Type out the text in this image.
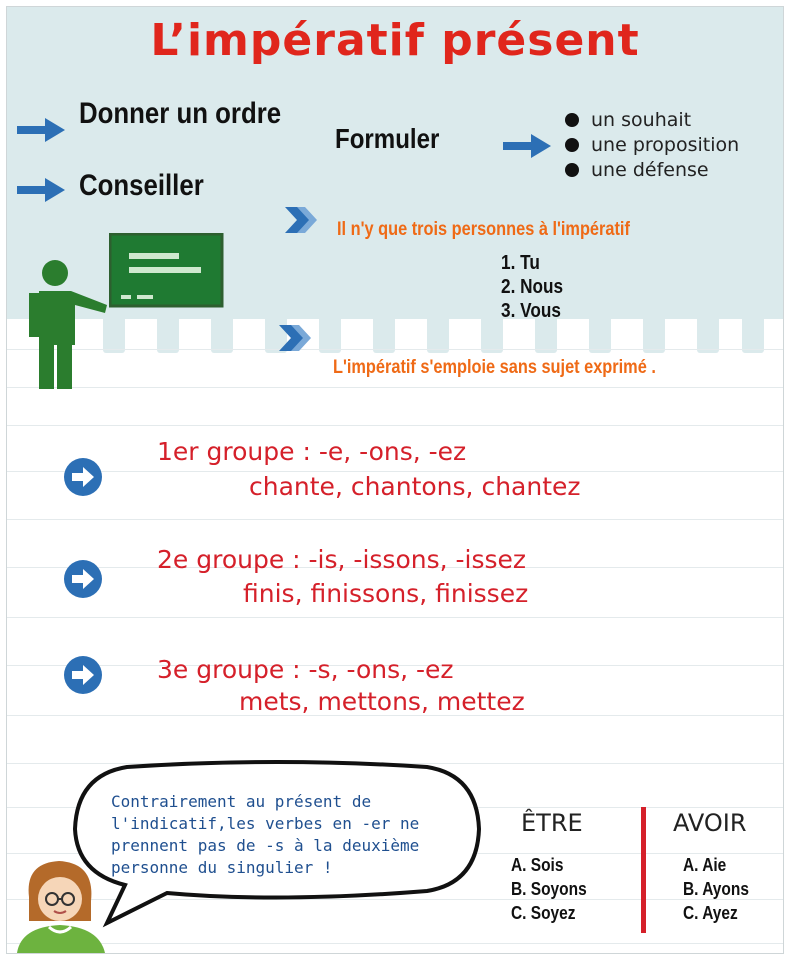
L’impératif présent
Donner un ordre
Conseiller
Formuler
un souhait
une proposition
une défense
Il n'y que trois personnes à l'impératif
1. Tu
2. Nous
3. Vous
L'impératif s'emploie sans sujet exprimé .
1er groupe : -e, -ons, -ez
chante, chantons, chantez
2e groupe : -is, -issons, -issez
finis, finissons, finissez
3e groupe : -s, -ons, -ez
mets, mettons, mettez
Contrairement au présent de
l'indicatif,les verbes en -er ne
prennent pas de -s à la deuxième
personne du singulier !
ÊTRE
A. Sois
B. Soyons
C. Soyez
AVOIR
A. Aie
B. Ayons
C. Ayez
